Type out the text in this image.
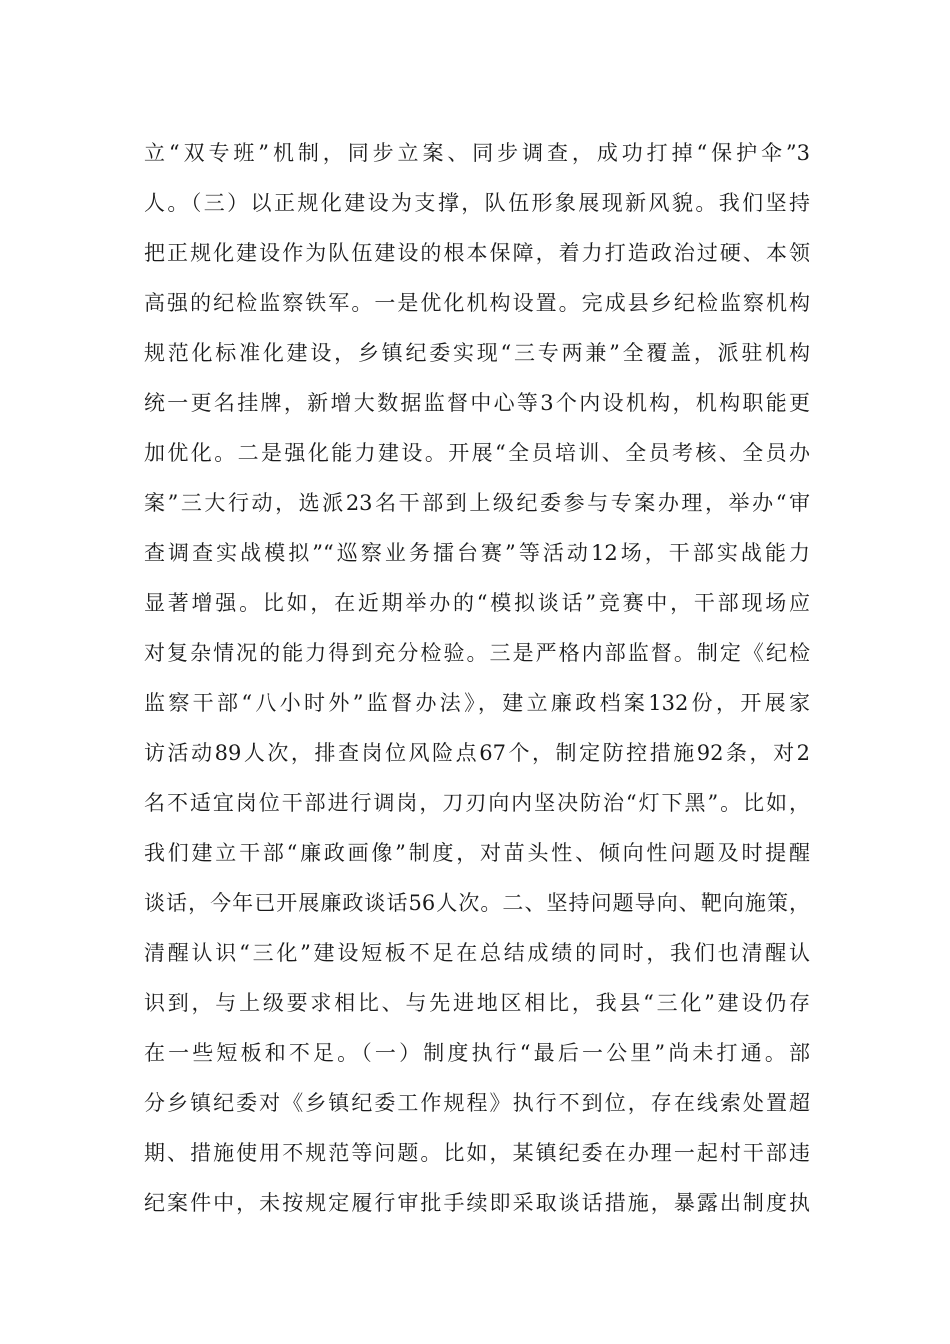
立“双专班”机制，同步立案、同步调查，成功打掉“保护伞”3
人。（三）以正规化建设为支撑，队伍形象展现新风貌。我们坚持
把正规化建设作为队伍建设的根本保障，着力打造政治过硬、本领
高强的纪检监察铁军。一是优化机构设置。完成县乡纪检监察机构
规范化标准化建设，乡镇纪委实现“三专两兼”全覆盖，派驻机构
统一更名挂牌，新增大数据监督中心等3个内设机构，机构职能更
加优化。二是强化能力建设。开展“全员培训、全员考核、全员办
案”三大行动，选派23名干部到上级纪委参与专案办理，举办“审
查调查实战模拟”“巡察业务擂台赛”等活动12场，干部实战能力
显著增强。比如，在近期举办的“模拟谈话”竞赛中，干部现场应
对复杂情况的能力得到充分检验。三是严格内部监督。制定《纪检
监察干部“八小时外”监督办法》，建立廉政档案132份，开展家
访活动89人次，排查岗位风险点67个，制定防控措施92条，对2
名不适宜岗位干部进行调岗，刀刃向内坚决防治“灯下黑”。比如，
我们建立干部“廉政画像”制度，对苗头性、倾向性问题及时提醒
谈话，今年已开展廉政谈话56人次。二、坚持问题导向、靶向施策，
清醒认识“三化”建设短板不足在总结成绩的同时，我们也清醒认
识到，与上级要求相比、与先进地区相比，我县“三化”建设仍存
在一些短板和不足。（一）制度执行“最后一公里”尚未打通。部
分乡镇纪委对《乡镇纪委工作规程》执行不到位，存在线索处置超
期、措施使用不规范等问题。比如，某镇纪委在办理一起村干部违
纪案件中，未按规定履行审批手续即采取谈话措施，暴露出制度执
